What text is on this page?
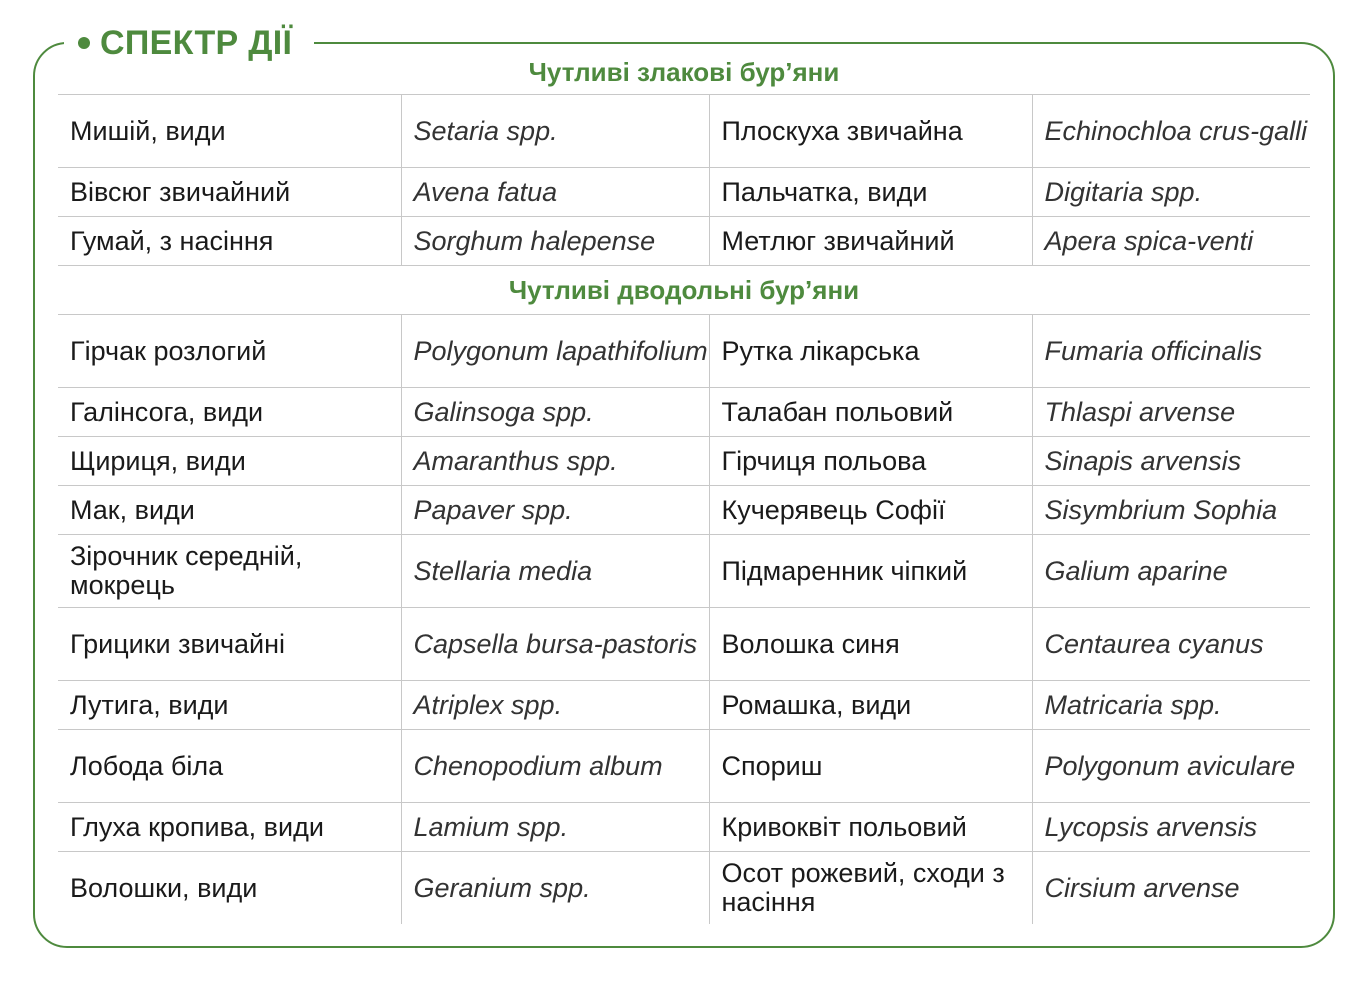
СПЕКТР ДІЇ
Чутливі злакові бур’яни			
Мишій, види	Setaria spp.	Плоскуха звичайна	Echinochloa crus-galli
Вівсюг звичайний	Avena fatua	Пальчатка, види	Digitaria spp.
Гумай, з насіння	Sorghum halepense	Метлюг звичайний	Apera spica-venti
Чутливі дводольні бур’яни			
Гірчак розлогий	Polygonum lapathifolium	Рутка лікарська	Fumaria officinalis
Галінсога, види	Galinsoga spp.	Талабан польовий	Thlaspi arvense
Щириця, види	Amaranthus spp.	Гірчиця польова	Sinapis arvensis
Мак, види	Papaver spp.	Кучерявець Софії	Sisymbrium Sophia
Зірочник середній, мокрець	Stellaria media	Підмаренник чіпкий	Galium aparine
Грицики звичайні	Capsella bursa-pastoris	Волошка синя	Centaurea cyanus
Лутига, види	Atriplex spp.	Ромашка, види	Matricaria spp.
Лобода біла	Chenopodium album	Спориш	Polygonum aviculare
Глуха кропива, види	Lamium spp.	Кривоквіт польовий	Lycopsis arvensis
Волошки, види	Geranium spp.	Осот рожевий, сходи з насіння	Cirsium arvense
